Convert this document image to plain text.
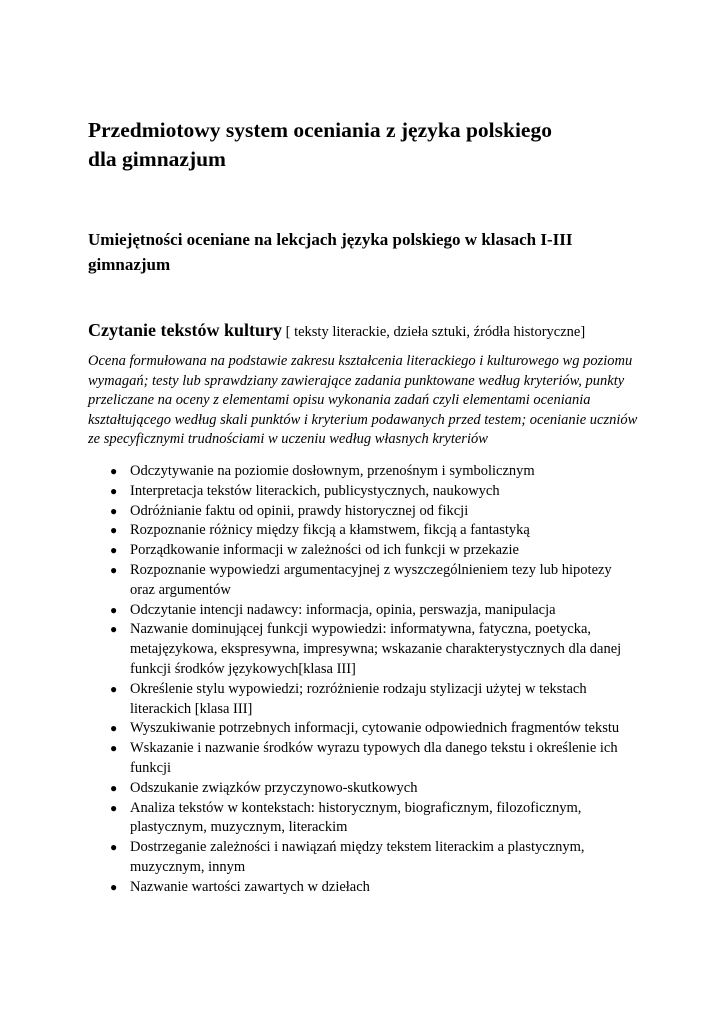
Przedmiotowy system oceniania z języka polskiego
dla gimnazjum
Umiejętności oceniane na lekcjach języka polskiego w klasach I-III gimnazjum

Czytanie tekstów kultury [ teksty literackie, dzieła sztuki, źródła historyczne]

Ocena formułowana na podstawie zakresu kształcenia literackiego i kulturowego wg poziomu wymagań; testy lub sprawdziany zawierające zadania punktowane według kryteriów, punkty przeliczane na oceny z elementami opisu wykonania zadań czyli elementami oceniania kształtującego według skali punktów i kryterium podawanych przed testem; ocenianie uczniów ze specyficznymi trudnościami w uczeniu według własnych kryteriów

● Odczytywanie na poziomie dosłownym, przenośnym i symbolicznym
● Interpretacja tekstów literackich, publicystycznych, naukowych
● Odróżnianie faktu od opinii, prawdy historycznej od fikcji
● Rozpoznanie różnicy między fikcją a kłamstwem, fikcją a fantastyką
● Porządkowanie informacji w zależności od ich funkcji w przekazie
● Rozpoznanie wypowiedzi argumentacyjnej z wyszczególnieniem tezy lub hipotezy oraz argumentów
● Odczytanie intencji nadawcy: informacja, opinia, perswazja, manipulacja
● Nazwanie dominującej funkcji wypowiedzi: informatywna, fatyczna, poetycka, metajęzykowa, ekspresywna, impresywna; wskazanie charakterystycznych dla danej funkcji środków językowych[klasa III]
● Określenie stylu wypowiedzi; rozróżnienie rodzaju stylizacji użytej w tekstach literackich [klasa III]
● Wyszukiwanie potrzebnych informacji, cytowanie odpowiednich fragmentów tekstu
● Wskazanie i nazwanie środków wyrazu typowych dla danego tekstu i określenie ich funkcji
● Odszukanie związków przyczynowo-skutkowych
● Analiza tekstów w kontekstach: historycznym, biograficznym, filozoficznym, plastycznym, muzycznym, literackim
● Dostrzeganie zależności i nawiązań między tekstem literackim a plastycznym, muzycznym, innym
● Nazwanie wartości zawartych w dziełach
